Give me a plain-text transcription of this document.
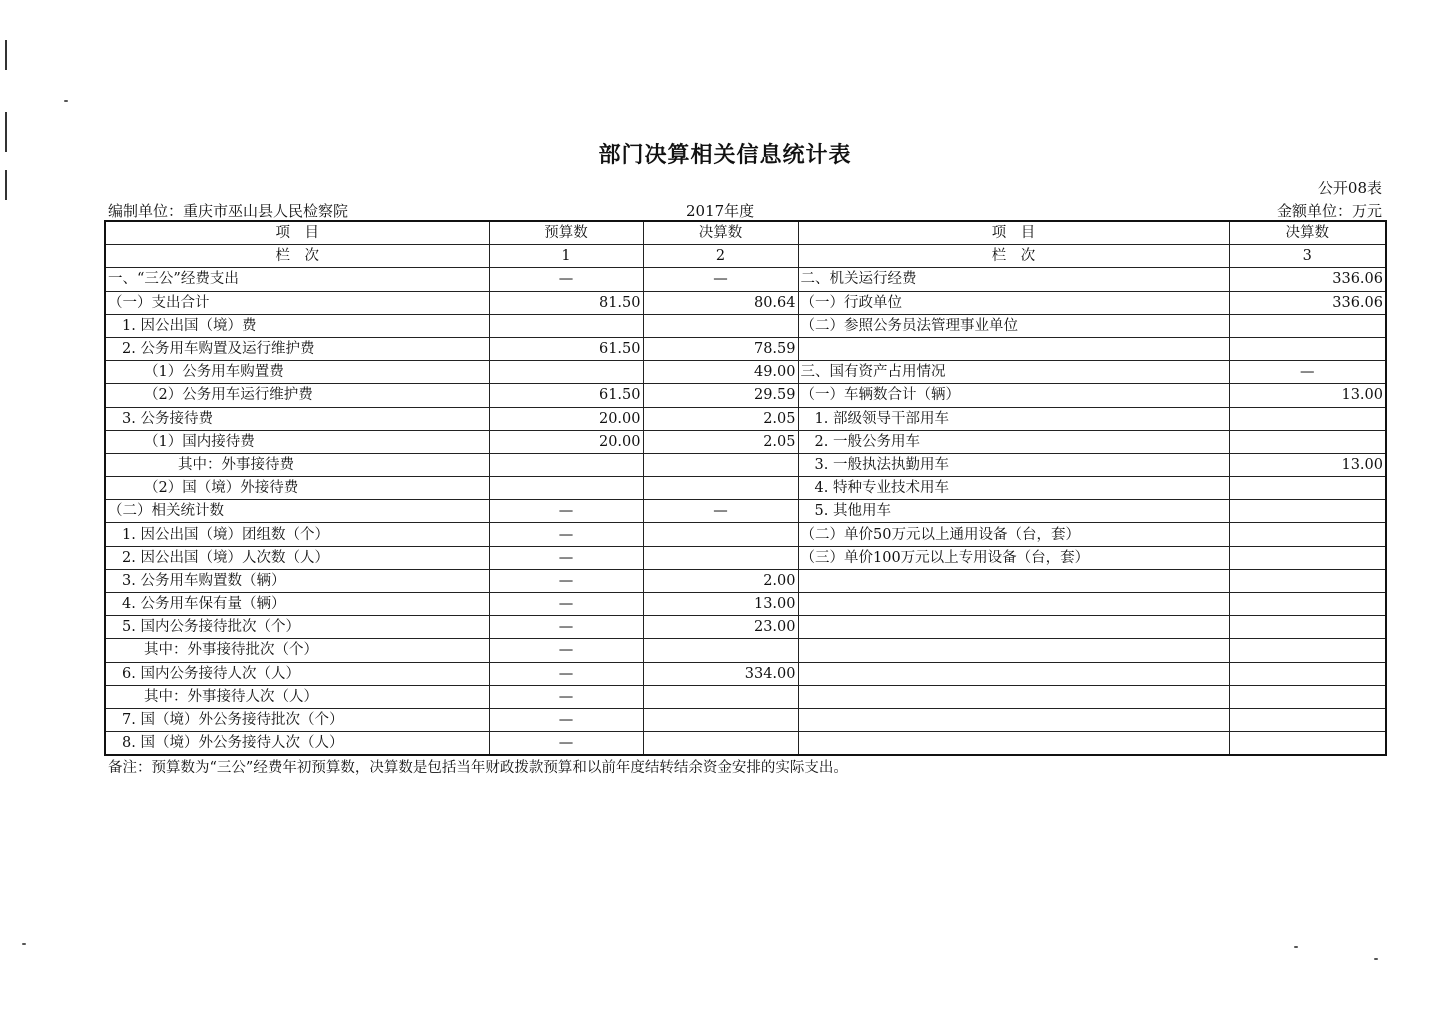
部门决算相关信息统计表
公开08表
编制单位：重庆市巫山县人民检察院	2017年度	金额单位：万元
项　目	预算数	决算数	项　目	决算数
栏　次	1	2	栏　次	3
一、“三公”经费支出	—	—	二、机关运行经费	336.06
（一）支出合计	81.50	80.64	（一）行政单位	336.06
1. 因公出国（境）费			（二）参照公务员法管理事业单位	
2. 公务用车购置及运行维护费	61.50	78.59		
（1）公务用车购置费		49.00	三、国有资产占用情况	—
（2）公务用车运行维护费	61.50	29.59	（一）车辆数合计（辆）	13.00
3. 公务接待费	20.00	2.05	1. 部级领导干部用车	
（1）国内接待费	20.00	2.05	2. 一般公务用车	
其中：外事接待费			3. 一般执法执勤用车	13.00
（2）国（境）外接待费			4. 特种专业技术用车	
（二）相关统计数	—	—	5. 其他用车	
1. 因公出国（境）团组数（个）	—		（二）单价50万元以上通用设备（台，套）	
2. 因公出国（境）人次数（人）	—		（三）单价100万元以上专用设备（台，套）	
3. 公务用车购置数（辆）	—	2.00		
4. 公务用车保有量（辆）	—	13.00		
5. 国内公务接待批次（个）	—	23.00		
其中：外事接待批次（个）	—			
6. 国内公务接待人次（人）	—	334.00		
其中：外事接待人次（人）	—			
7. 国（境）外公务接待批次（个）	—			
8. 国（境）外公务接待人次（人）	—			
备注：预算数为“三公”经费年初预算数，决算数是包括当年财政拨款预算和以前年度结转结余资金安排的实际支出。
